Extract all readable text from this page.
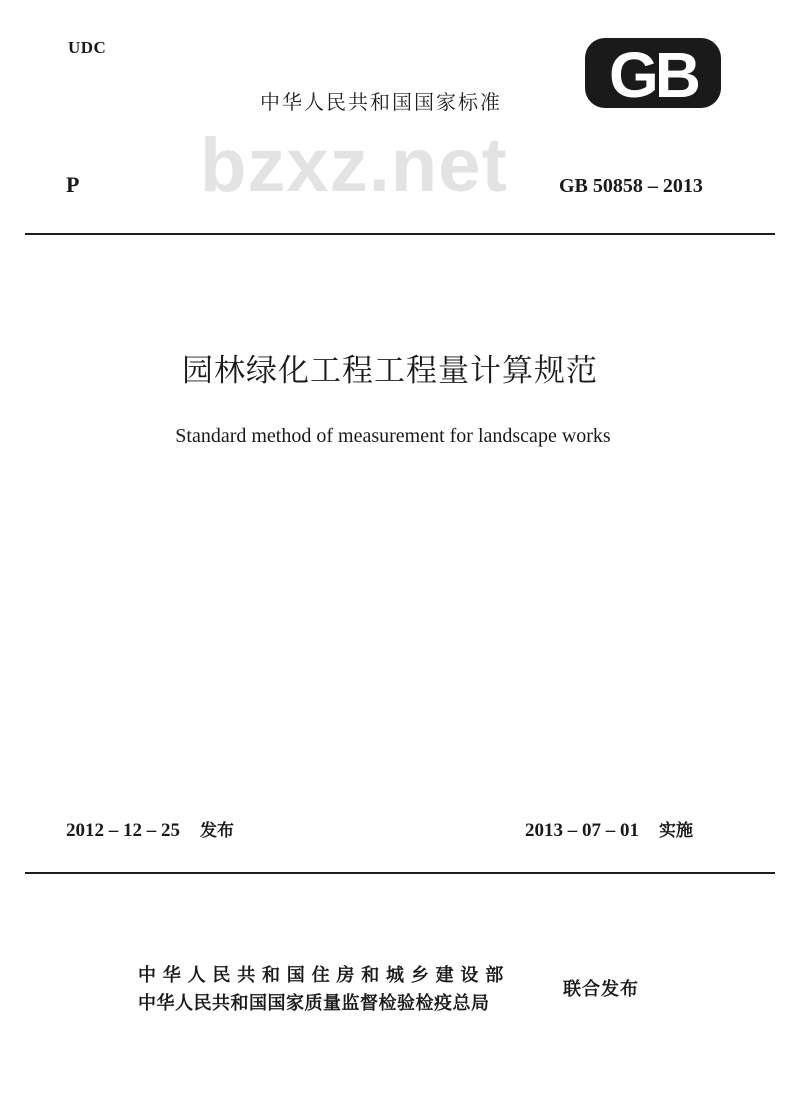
UDC
中华人民共和国国家标准 GB
bzxz.net
P	GB 50858 – 2013
园林绿化工程工程量计算规范
Standard method of measurement for landscape works
2012 – 12 – 25 发布	2013 – 07 – 01 实施
中华人民共和国住房和城乡建设部
中华人民共和国国家质量监督检验检疫总局
联合发布
